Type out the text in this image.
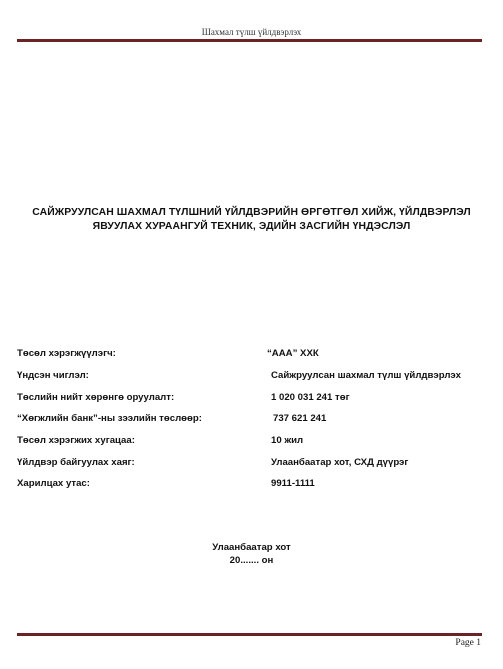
Шахмал түлш үйлдвэрлэх
САЙЖРУУЛСАН ШАХМАЛ ТҮЛШНИЙ ҮЙЛДВЭРИЙН ӨРГӨТГӨЛ ХИЙЖ, ҮЙЛДВЭРЛЭЛ
ЯВУУЛАХ ХУРААНГУЙ ТЕХНИК, ЭДИЙН ЗАСГИЙН ҮНДЭСЛЭЛ
Төсөл хэрэгжүүлэгч:	“ААА” ХХК
Үндсэн чиглэл:	Сайжруулсан шахмал түлш үйлдвэрлэх
Төслийн нийт хөрөнгө оруулалт:	1 020 031 241 төг
“Хөгжлийн банк”-ны зээлийн төслөөр:	737 621 241
Төсөл хэрэгжих хугацаа:	10 жил
Үйлдвэр байгуулах хаяг:	Улаанбаатар хот, СХД дүүрэг
Харилцах утас:	9911-1111
Улаанбаатар хот
20....... он
Page 1
